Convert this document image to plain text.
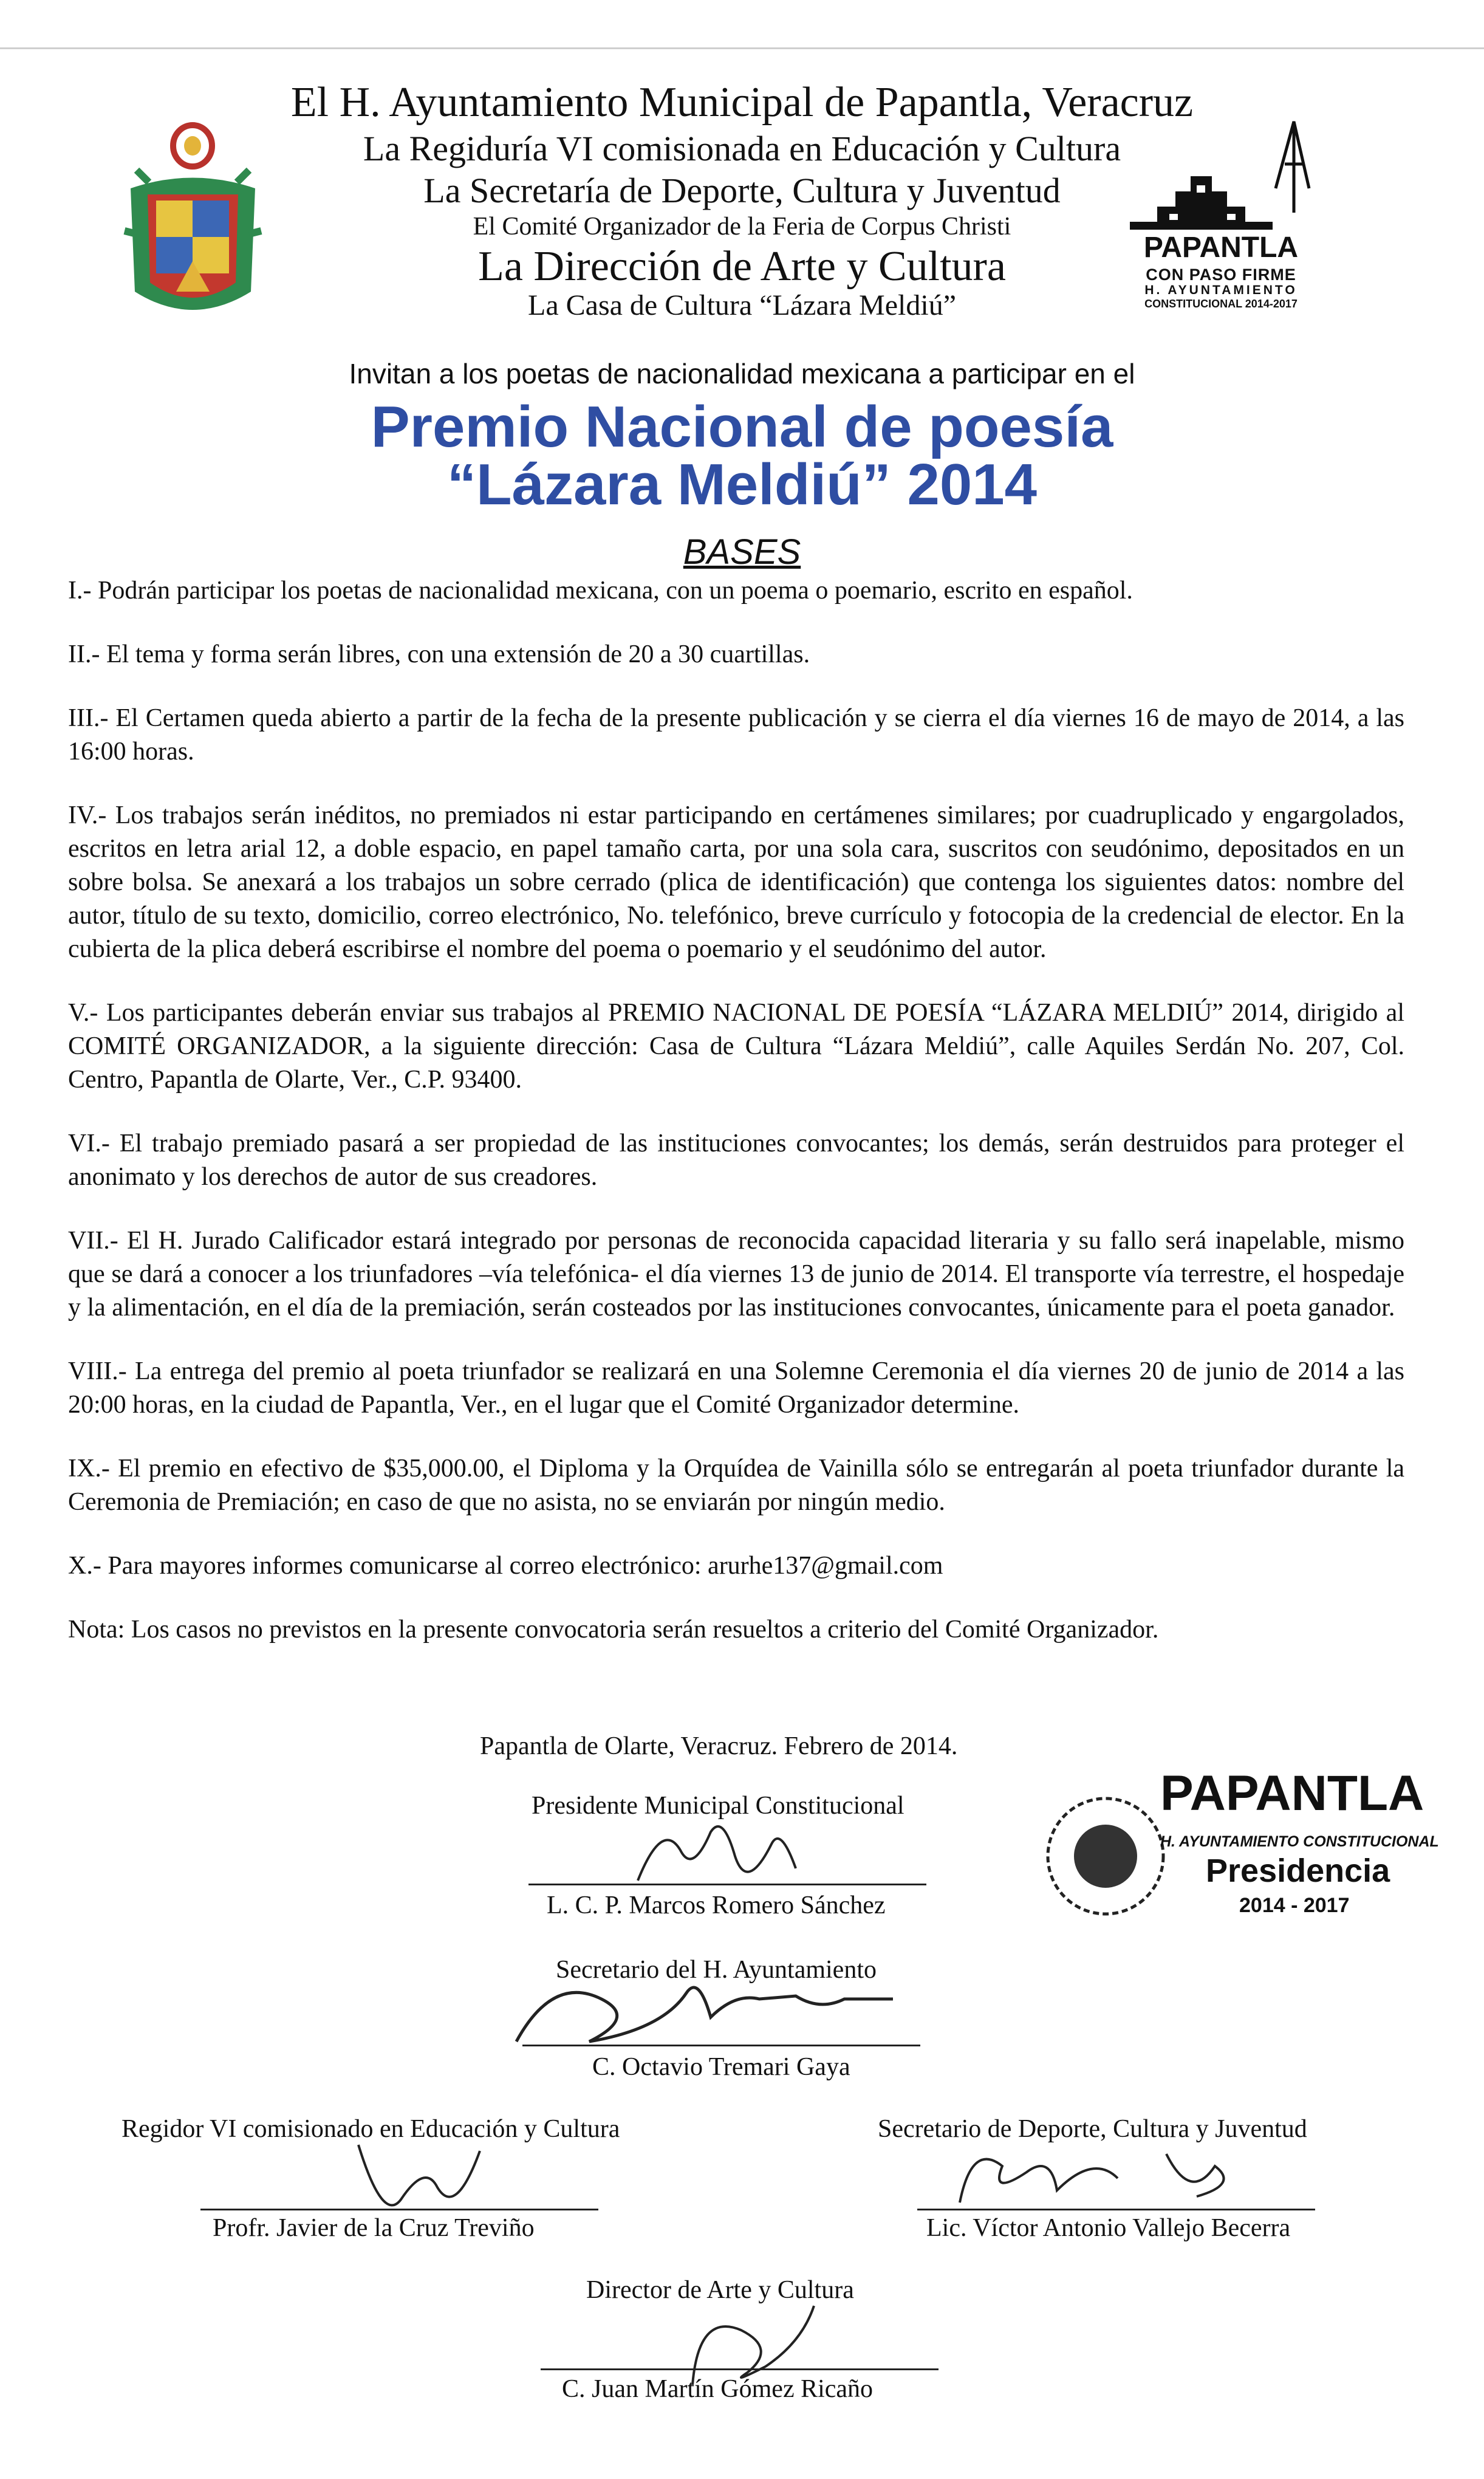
PAPANTLA
CON PASO FIRME
H. AYUNTAMIENTO
CONSTITUCIONAL 2014-2017
El H. Ayuntamiento Municipal de Papantla, Veracruz
La Regiduría VI comisionada en Educación y Cultura
La Secretaría de Deporte, Cultura y Juventud
El Comité Organizador de la Feria de Corpus Christi
La Dirección de Arte y Cultura
La Casa de Cultura “Lázara Meldiú”
Invitan a los poetas de nacionalidad mexicana a participar en el
Premio Nacional de poesía
“Lázara Meldiú” 2014
BASES

I.- Podrán participar los poetas de nacionalidad mexicana, con un poema o poemario, escrito en español.

II.- El tema y forma serán libres, con una extensión de 20 a 30 cuartillas.

III.- El Certamen queda abierto a partir de la fecha de la presente publicación y se cierra el día viernes 16 de mayo de 2014, a las 16:00 horas.

IV.- Los trabajos serán inéditos, no premiados ni estar participando en certámenes similares; por cuadruplicado y engargolados, escritos en letra arial 12, a doble espacio, en papel tamaño carta, por una sola cara, suscritos con seudónimo, depositados en un sobre bolsa. Se anexará a los trabajos un sobre cerrado (plica de identificación) que contenga los siguientes datos: nombre del autor, título de su texto, domicilio, correo electrónico, No. telefónico, breve currículo y fotocopia de la credencial de elector. En la cubierta de la plica deberá escribirse el nombre del poema o poemario y el seudónimo del autor.

V.- Los participantes deberán enviar sus trabajos al PREMIO NACIONAL DE POESÍA “LÁZARA MELDIÚ” 2014, dirigido al COMITÉ ORGANIZADOR, a la siguiente dirección: Casa de Cultura “Lázara Meldiú”, calle Aquiles Serdán No. 207, Col. Centro, Papantla de Olarte, Ver., C.P. 93400.

VI.- El trabajo premiado pasará a ser propiedad de las instituciones convocantes; los demás, serán destruidos para proteger el anonimato y los derechos de autor de sus creadores.

VII.- El H. Jurado Calificador estará integrado por personas de reconocida capacidad literaria y su fallo será inapelable, mismo que se dará a conocer a los triunfadores –vía telefónica- el día viernes 13 de junio de 2014. El transporte vía terrestre, el hospedaje y la alimentación, en el día de la premiación, serán costeados por las instituciones convocantes, únicamente para el poeta ganador.

VIII.- La entrega del premio al poeta triunfador se realizará en una Solemne Ceremonia el día viernes 20 de junio de 2014 a las 20:00 horas, en la ciudad de Papantla, Ver., en el lugar que el Comité Organizador determine.

IX.- El premio en efectivo de $35,000.00, el Diploma y la Orquídea de Vainilla sólo se entregarán al poeta triunfador durante la Ceremonia de Premiación; en caso de que no asista, no se enviarán por ningún medio.

X.- Para mayores informes comunicarse al correo electrónico: arurhe137@gmail.com

Nota: Los casos no previstos en la presente convocatoria serán resueltos a criterio del Comité Organizador.

Papantla de Olarte, Veracruz. Febrero de 2014.
Presidente Municipal Constitucional
L. C. P. Marcos Romero Sánchez
PAPANTLA
H. AYUNTAMIENTO CONSTITUCIONAL
Presidencia
2014 - 2017
Secretario del H. Ayuntamiento
C. Octavio Tremari Gaya
Regidor VI comisionado en Educación y Cultura
Profr. Javier de la Cruz Treviño
Secretario de Deporte, Cultura y Juventud
Lic. Víctor Antonio Vallejo Becerra
Director de Arte y Cultura
C. Juan Martín Gómez Ricaño
